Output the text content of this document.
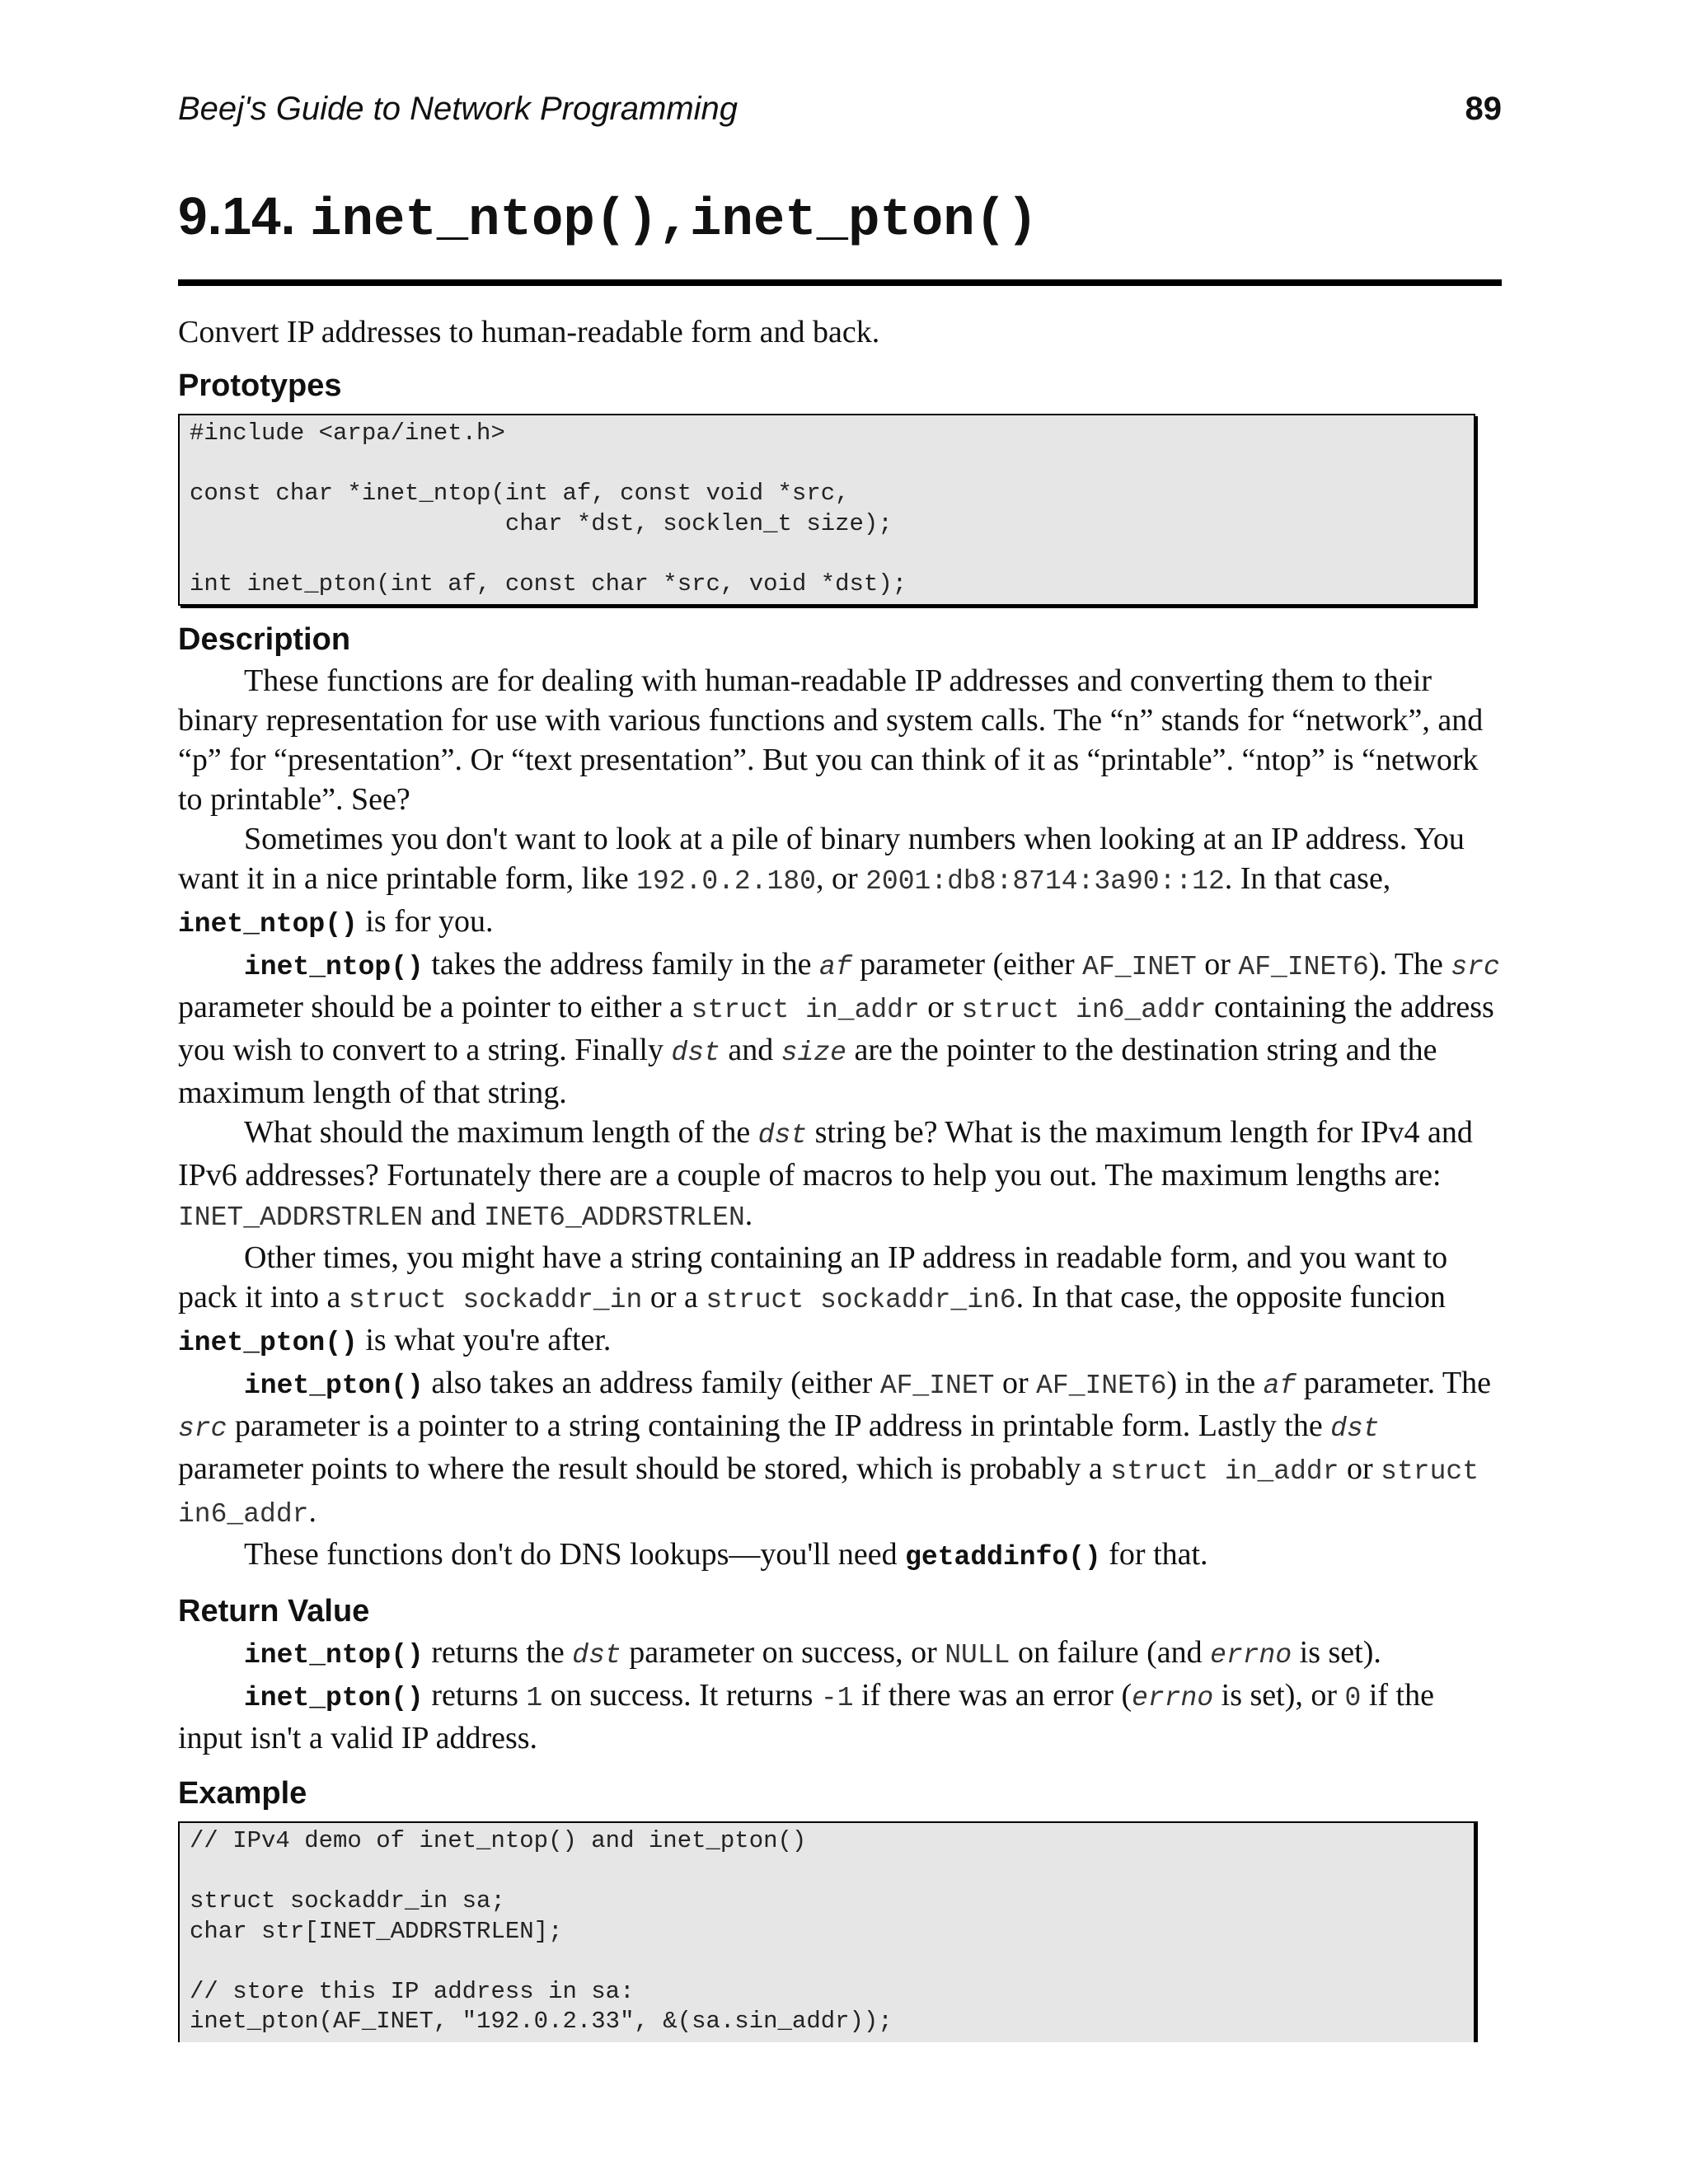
Beej's Guide to Network Programming	89
9.14. inet_ntop(),inet_pton()
Convert IP addresses to human-readable form and back.
Prototypes
#include <arpa/inet.h>

const char *inet_ntop(int af, const void *src,
char *dst, socklen_t size);

int inet_pton(int af, const char *src, void *dst);
Description

These functions are for dealing with human-readable IP addresses and converting them to their binary representation for use with various functions and system calls. The “n” stands for “network”, and “p” for “presentation”. Or “text presentation”. But you can think of it as “printable”. “ntop” is “network to printable”. See?

Sometimes you don't want to look at a pile of binary numbers when looking at an IP address. You want it in a nice printable form, like 192.0.2.180, or 2001:db8:8714:3a90::12. In that case, inet_ntop() is for you.

inet_ntop() takes the address family in the af parameter (either AF_INET or AF_INET6). The src parameter should be a pointer to either a struct in_addr or struct in6_addr containing the address you wish to convert to a string. Finally dst and size are the pointer to the destination string and the maximum length of that string.

What should the maximum length of the dst string be? What is the maximum length for IPv4 and IPv6 addresses? Fortunately there are a couple of macros to help you out. The maximum lengths are: INET_ADDRSTRLEN and INET6_ADDRSTRLEN.

Other times, you might have a string containing an IP address in readable form, and you want to pack it into a struct sockaddr_in or a struct sockaddr_in6. In that case, the opposite funcion inet_pton() is what you're after.

inet_pton() also takes an address family (either AF_INET or AF_INET6) in the af parameter. The src parameter is a pointer to a string containing the IP address in printable form. Lastly the dst parameter points to where the result should be stored, which is probably a struct in_addr or struct in6_addr.

These functions don't do DNS lookups—you'll need getaddinfo() for that.

Return Value

inet_ntop() returns the dst parameter on success, or NULL on failure (and errno is set).

inet_pton() returns 1 on success. It returns -1 if there was an error (errno is set), or 0 if the input isn't a valid IP address.

Example
// IPv4 demo of inet_ntop() and inet_pton()

struct sockaddr_in sa;
char str[INET_ADDRSTRLEN];

// store this IP address in sa:
inet_pton(AF_INET, "192.0.2.33", &(sa.sin_addr));
